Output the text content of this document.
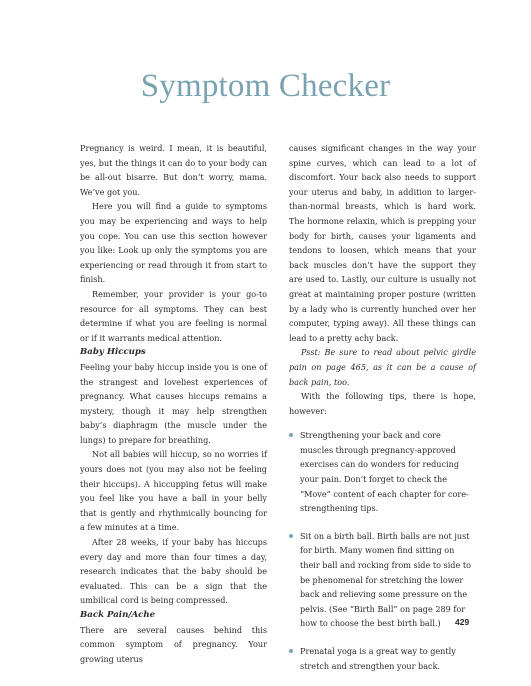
Symptom Checker

Pregnancy is weird. I mean, it is beautiful, yes, but the things it can do to your body can be all-out bisarre. But don’t worry, mama. We’ve got you.

Here you will find a guide to symptoms you may be experiencing and ways to help you cope. You can use this section however you like: Look up only the symptoms you are experiencing or read through it from start to finish.

Remember, your provider is your go-to resource for all symptoms. They can best determine if what you are feeling is normal or if it warrants medical attention.

Baby Hiccups

Feeling your baby hiccup inside you is one of the strangest and loveliest experiences of pregnancy. What causes hiccups remains a mystery, though it may help strengthen baby’s diaphragm (the muscle under the lungs) to prepare for breathing.

Not all babies will hiccup, so no worries if yours does not (you may also not be feeling their hiccups). A hiccupping fetus will make you feel like you have a ball in your belly that is gently and rhythmically bouncing for a few minutes at a time.

After 28 weeks, if your baby has hiccups every day and more than four times a day, research indicates that the baby should be evaluated. This can be a sign that the umbilical cord is being compressed.

Back Pain/Ache

There are several causes behind this common symptom of pregnancy. Your growing uterus

causes significant changes in the way your spine curves, which can lead to a lot of discomfort. Your back also needs to support your uterus and baby, in addition to larger-than-normal breasts, which is hard work. The hormone relaxin, which is prepping your body for birth, causes your ligaments and tendons to loosen, which means that your back muscles don’t have the support they are used to. Lastly, our culture is usually not great at maintaining proper posture (written by a lady who is currently hunched over her computer, typing away). All these things can lead to a pretty achy back.

Psst: Be sure to read about pelvic girdle pain on page 465, as it can be a cause of back pain, too.

With the following tips, there is hope, however:

Strengthening your back and core muscles through pregnancy-approved exercises can do wonders for reducing your pain. Don’t forget to check the “Move” content of each chapter for core-strengthening tips.
Sit on a birth ball. Birth balls are not just for birth. Many women find sitting on their ball and rocking from side to side to be phenomenal for stretching the lower back and relieving some pressure on the pelvis. (See “Birth Ball” on page 289 for how to choose the best birth ball.)
Prenatal yoga is a great way to gently stretch and strengthen your back.
429
